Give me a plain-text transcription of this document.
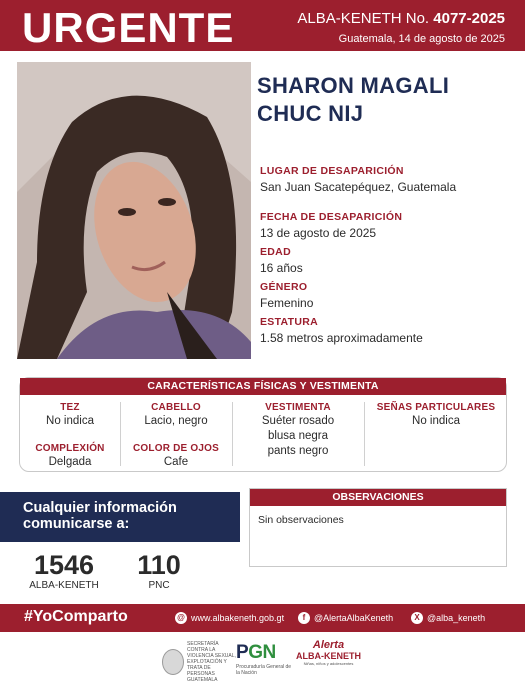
URGENTE	ALBA-KENETH No. 4077-2025
Guatemala, 14 de agosto de 2025
SHARON MAGALI
CHUC NIJ
LUGAR DE DESAPARICIÓN
San Juan Sacatepéquez, Guatemala
FECHA DE DESAPARICIÓN
13 de agosto de 2025
EDAD
16 años
GÉNERO
Femenino
ESTATURA
1.58 metros aproximadamente
CARACTERÍSTICAS FÍSICAS Y VESTIMENTA
TEZ
No indica
COMPLEXIÓN
Delgada
CABELLO
Lacio, negro
COLOR DE OJOS
Cafe
VESTIMENTA
Suéter rosado
blusa negra
pants negro
SEÑAS PARTICULARES
No indica
Cualquier información
comunicarse a:
OBSERVACIONES
Sin observaciones
1546
ALBA-KENETH
110
PNC
#YoComparto	@ www.albakeneth.gob.gt	f @AlertaAlbaKeneth	X @alba_keneth
SECRETARÍA CONTRA LA VIOLENCIA SEXUAL, EXPLOTACIÓN Y TRATA DE PERSONAS GUATEMALA
PGN
Procuraduría General de la Nación
Alerta
ALBA-KENETH
Niñas, niños y adolescentes
